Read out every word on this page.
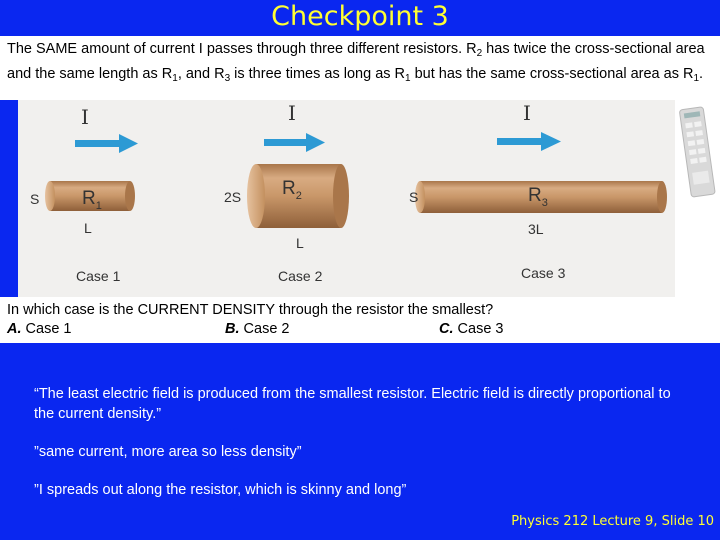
Checkpoint 3
The SAME amount of current I passes through three different resistors. $R_2$ has twice the cross-sectional area and the same length as $R_1$, and $R_3$ is three times as long as $R_1$ but has the same cross-sectional area as $R_1$.
I
S $R_1$
L
Case 1
I
2S $R_2$
L
Case 2
I
S	$R_3$
3L
Case 3
In which case is the CURRENT DENSITY through the resistor the smallest?
A. Case 1	B. Case 2	C. Case 3
“The least electric field is produced from the smallest resistor. Electric field is directly proportional to the current density.”
”same current, more area so less density”
”I spreads out along the resistor, which is skinny and long”
Physics 212 Lecture 9, Slide 10
